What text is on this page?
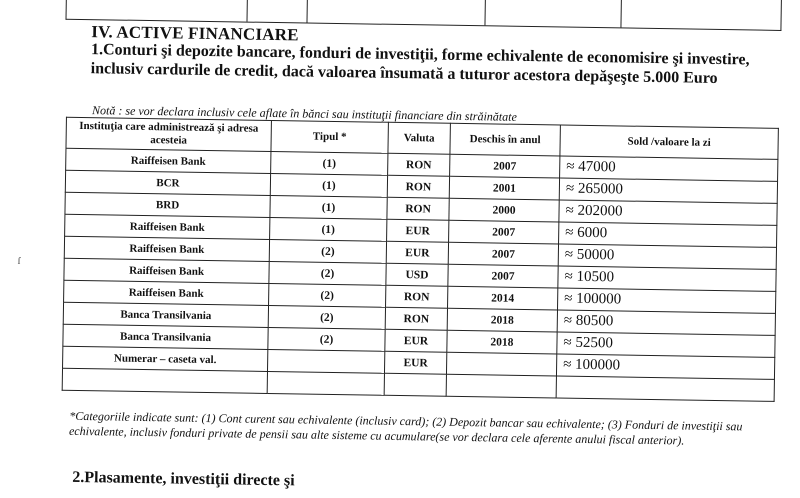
IV. ACTIVE FINANCIARE

1.Conturi şi depozite bancare, fonduri de investiţii, forme echivalente de economisire şi investire, inclusiv cardurile de credit, dacă valoarea însumată a tuturor acestora depăşeşte 5.000 Euro

Notă : se vor declara inclusiv cele aflate în bănci sau instituţii financiare din străinătate
Instituţia care administrează şi adresa acesteia	Tipul *	Valuta	Deschis în anul	Sold /valoare la zi
Raiffeisen Bank	(1)	RON	2007	≈ 47000
BCR	(1)	RON	2001	≈ 265000
BRD	(1)	RON	2000	≈ 202000
Raiffeisen Bank	(1)	EUR	2007	≈ 6000
Raiffeisen Bank	(2)	EUR	2007	≈ 50000
Raiffeisen Bank	(2)	USD	2007	≈ 10500
Raiffeisen Bank	(2)	RON	2014	≈ 100000
Banca Transilvania	(2)	RON	2018	≈ 80500
Banca Transilvania	(2)	EUR	2018	≈ 52500
Numerar – caseta val.		EUR		≈ 100000

*Categoriile indicate sunt: (1) Cont curent sau echivalente (inclusiv card); (2) Depozit bancar sau echivalente; (3) Fonduri de investiţii sau echivalente, inclusiv fonduri private de pensii sau alte sisteme cu acumulare(se vor declara cele aferente anului fiscal anterior).
2.Plasamente, investiţii directe şi
ſ
